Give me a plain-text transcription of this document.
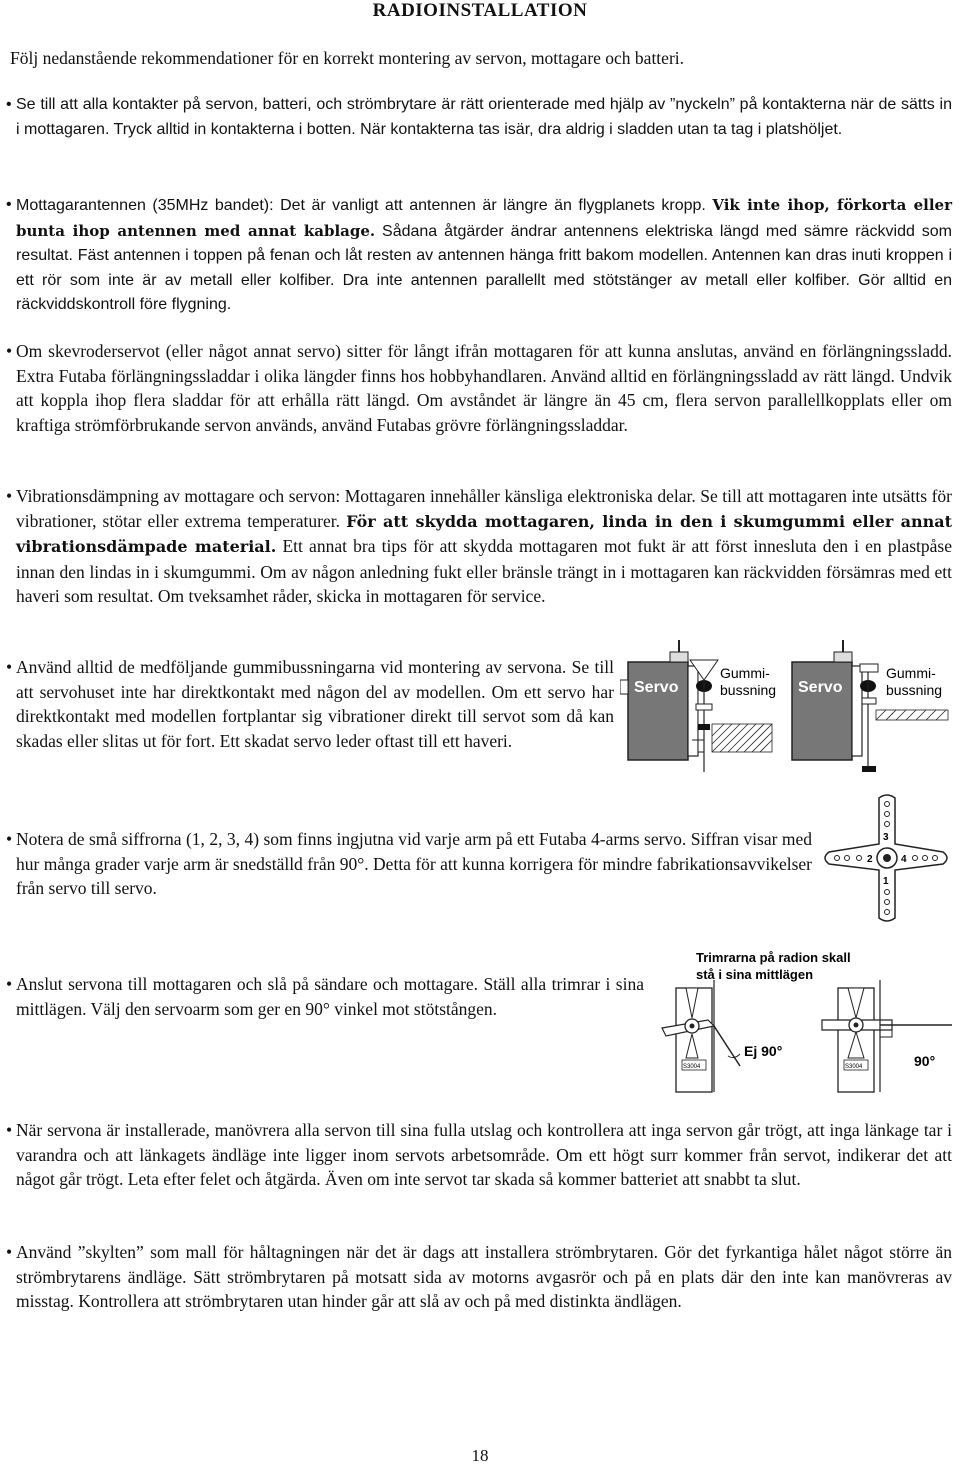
RADIOINSTALLATION
Följ nedanstående rekommendationer för en korrekt montering av servon, mottagare och batteri.
• Se till att alla kontakter på servon, batteri, och strömbrytare är rätt orienterade med hjälp av ”nyckeln” på kontakterna när de sätts in i mottagaren. Tryck alltid in kontakterna i botten. När kontakterna tas isär, dra aldrig i sladden utan ta tag i platshöljet.
• Mottagarantennen (35MHz bandet): Det är vanligt att antennen är längre än flygplanets kropp. Vik inte ihop, förkorta eller bunta ihop antennen med annat kablage. Sådana åtgärder ändrar antennens elektriska längd med sämre räckvidd som resultat. Fäst antennen i toppen på fenan och låt resten av antennen hänga fritt bakom modellen. Antennen kan dras inuti kroppen i ett rör som inte är av metall eller kolfiber. Dra inte antennen parallellt med stötstänger av metall eller kolfiber. Gör alltid en räckviddskontroll före flygning.
• Om skevroderservot (eller något annat servo) sitter för långt ifrån mottagaren för att kunna anslutas, använd en förlängningssladd. Extra Futaba förlängningssladdar i olika längder finns hos hobbyhandlaren. Använd alltid en förlängningssladd av rätt längd. Undvik att koppla ihop flera sladdar för att erhålla rätt längd. Om avståndet är längre än 45 cm, flera servon parallellkopplats eller om kraftiga strömförbrukande servon används, använd Futabas grövre förlängningssladdar.
• Vibrationsdämpning av mottagare och servon: Mottagaren innehåller känsliga elektroniska delar. Se till att mottagaren inte utsätts för vibrationer, stötar eller extrema temperaturer. För att skydda mottagaren, linda in den i skumgummi eller annat vibrationsdämpade material. Ett annat bra tips för att skydda mottagaren mot fukt är att först innesluta den i en plastpåse innan den lindas in i skumgummi. Om av någon anledning fukt eller bränsle trängt in i mottagaren kan räckvidden försämras med ett haveri som resultat. Om tveksamhet råder, skicka in mottagaren för service.
• Använd alltid de medföljande gummibussningarna vid montering av servona. Se till att servohuset inte har direktkontakt med någon del av modellen. Om ett servo har direktkontakt med modellen fortplantar sig vibrationer direkt till servot som då kan skadas eller slitas ut för fort. Ett skadat servo leder oftast till ett haveri.
Servo
Gummi-
bussning Servo
Gummi-
bussning
• Notera de små siffrorna (1, 2, 3, 4) som finns ingjutna vid varje arm på ett Futaba 4-arms servo. Siffran visar med hur många grader varje arm är snedställd från 90°. Detta för att kunna korrigera för mindre fabrikationsavvikelser från servo till servo.	1
2
3
4
• Anslut servona till mottagaren och slå på sändare och mottagare. Ställ alla trimrar i sina mittlägen. Välj den servoarm som ger en 90° vinkel mot stötstången.
Trimrarna på radion skall
stå i sina mittlägen
S3004
Ej 90°
S3004	90°
• När servona är installerade, manövrera alla servon till sina fulla utslag och kontrollera att inga servon går trögt, att inga länkage tar i varandra och att länkagets ändläge inte ligger inom servots arbetsområde. Om ett högt surr kommer från servot, indikerar det att något går trögt. Leta efter felet och åtgärda. Även om inte servot tar skada så kommer batteriet att snabbt ta slut.
• Använd ”skylten” som mall för håltagningen när det är dags att installera strömbrytaren. Gör det fyrkantiga hålet något större än strömbrytarens ändläge. Sätt strömbrytaren på motsatt sida av motorns avgasrör och på en plats där den inte kan manövreras av misstag. Kontrollera att strömbrytaren utan hinder går att slå av och på med distinkta ändlägen.
18
